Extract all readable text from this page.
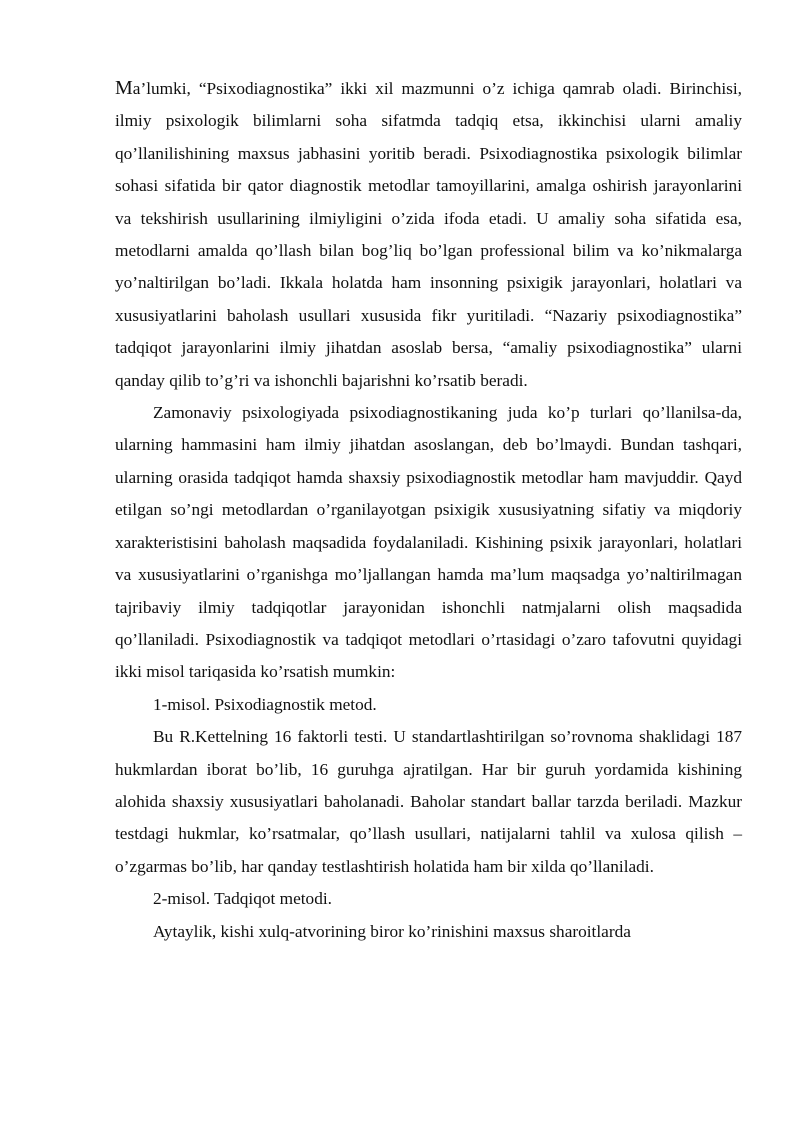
Ma’lumki, “Psixodiagnostika” ikki xil mazmunni o’z ichiga qamrab oladi. Birinchisi, ilmiy psixologik bilimlarni soha sifatmda tadqiq etsa, ikkinchisi ularni amaliy qo’llanilishining maxsus jabhasini yoritib beradi. Psixodiagnostika psixologik bilimlar sohasi sifatida bir qator diagnostik metodlar tamoyillarini, amalga oshirish jarayonlarini va tekshirish usullarining ilmiyligini o’zida ifoda etadi. U amaliy soha sifatida esa, metodlarni amalda qo’llash bilan bog’liq bo’lgan professional bilim va ko’nikmalarga yo’naltirilgan bo’ladi. Ikkala holatda ham insonning psixigik jarayonlari, holatlari va xususiyatlarini baholash usullari xususida fikr yuritiladi. “Nazariy psixodiagnostika” tadqiqot jarayonlarini ilmiy jihatdan asoslab bersa, “amaliy psixodiagnostika” ularni qanday qilib to’g’ri va ishonchli bajarishni ko’rsatib beradi.

Zamonaviy psixologiyada psixodiagnostikaning juda ko’p turlari qo’llanilsa-da, ularning hammasini ham ilmiy jihatdan asoslangan, deb bo’lmaydi. Bundan tashqari, ularning orasida tadqiqot hamda shaxsiy psixodiagnostik metodlar ham mavjuddir. Qayd etilgan so’ngi metodlardan o’rganilayotgan psixigik xususiyatning sifatiy va miqdoriy xarakteristisini baholash maqsadida foydalaniladi. Kishining psixik jarayonlari, holatlari va xususiyatlarini o’rganishga mo’ljallangan hamda ma’lum maqsadga yo’naltirilmagan tajribaviy ilmiy tadqiqotlar jarayonidan ishonchli natmjalarni olish maqsadida qo’llaniladi. Psixodiagnostik va tadqiqot metodlari o’rtasidagi o’zaro tafovutni quyidagi ikki misol tariqasida ko’rsatish mumkin:

1-misol. Psixodiagnostik metod.

Bu R.Kettelning 16 faktorli testi. U standartlashtirilgan so’rovnoma shaklidagi 187 hukmlardan iborat bo’lib, 16 guruhga ajratilgan. Har bir guruh yordamida kishining alohida shaxsiy xususiyatlari baholanadi. Baholar standart ballar tarzda beriladi. Mazkur testdagi hukmlar, ko’rsatmalar, qo’llash usullari, natijalarni tahlil va xulosa qilish – o’zgarmas bo’lib, har qanday testlashtirish holatida ham bir xilda qo’llaniladi.

2-misol. Tadqiqot metodi.

Aytaylik, kishi xulq-atvorining biror ko’rinishini maxsus sharoitlarda
